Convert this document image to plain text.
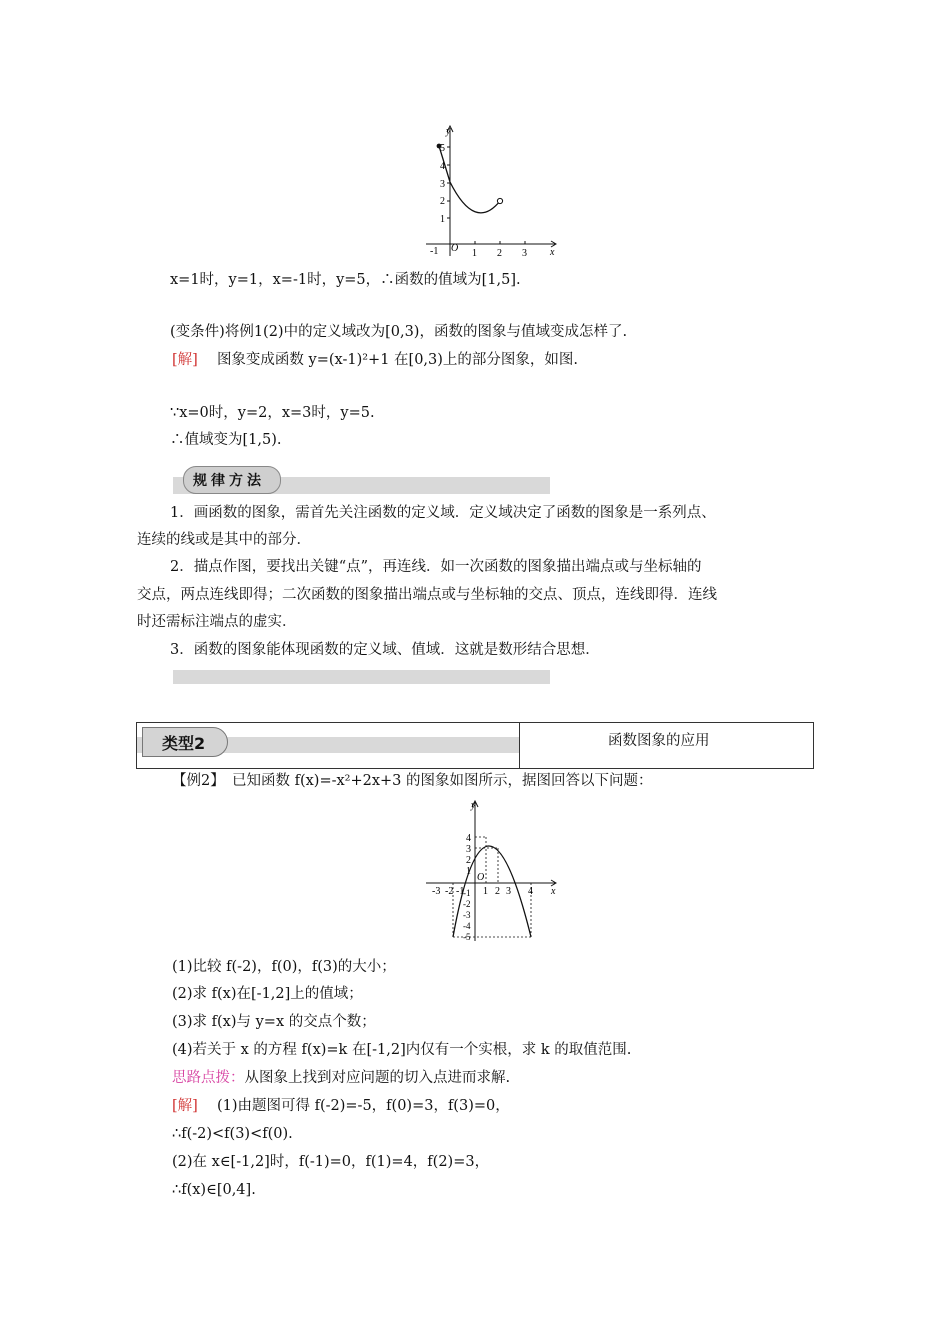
y
x
O
5
4
3
2
1
-1	1 2 3
x=1时，y=1，x=-1时，y=5，∴函数的值域为[1,5].
(变条件)将例1(2)中的定义域改为[0,3)，函数的图象与值域变成怎样了.
[解]　 图象变成函数 y=(x-1)²+1 在[0,3)上的部分图象，如图.
∵x=0时，y=2，x=3时，y=5.
∴值域变为[1,5).
规律方法
1．画函数的图象，需首先关注函数的定义域．定义域决定了函数的图象是一系列点、
连续的线或是其中的部分．
2．描点作图，要找出关键“点”，再连线．如一次函数的图象描出端点或与坐标轴的
交点，两点连线即得；二次函数的图象描出端点或与坐标轴的交点、顶点，连线即得．连线
时还需标注端点的虚实．
3．函数的图象能体现函数的定义域、值域．这就是数形结合思想．
类型2	函数图象的应用
【例2】　已知函数 f(x)=-x²+2x+3 的图象如图所示，据图回答以下问题：
y
x
O
4
3
2
1
-1
-2
-3
-4
-5
-3 -2 -1 1 2 3 4
(1)比较 f(-2)，f(0)，f(3)的大小；
(2)求 f(x)在[-1,2]上的值域；
(3)求 f(x)与 y=x 的交点个数；
(4)若关于 x 的方程 f(x)=k 在[-1,2]内仅有一个实根，求 k 的取值范围.
思路点拨：从图象上找到对应问题的切入点进而求解.
[解]　 (1)由题图可得 f(-2)=-5，f(0)=3，f(3)=0，
∴f(-2)<f(3)<f(0).
(2)在 x∈[-1,2]时，f(-1)=0，f(1)=4，f(2)=3，
∴f(x)∈[0,4].
